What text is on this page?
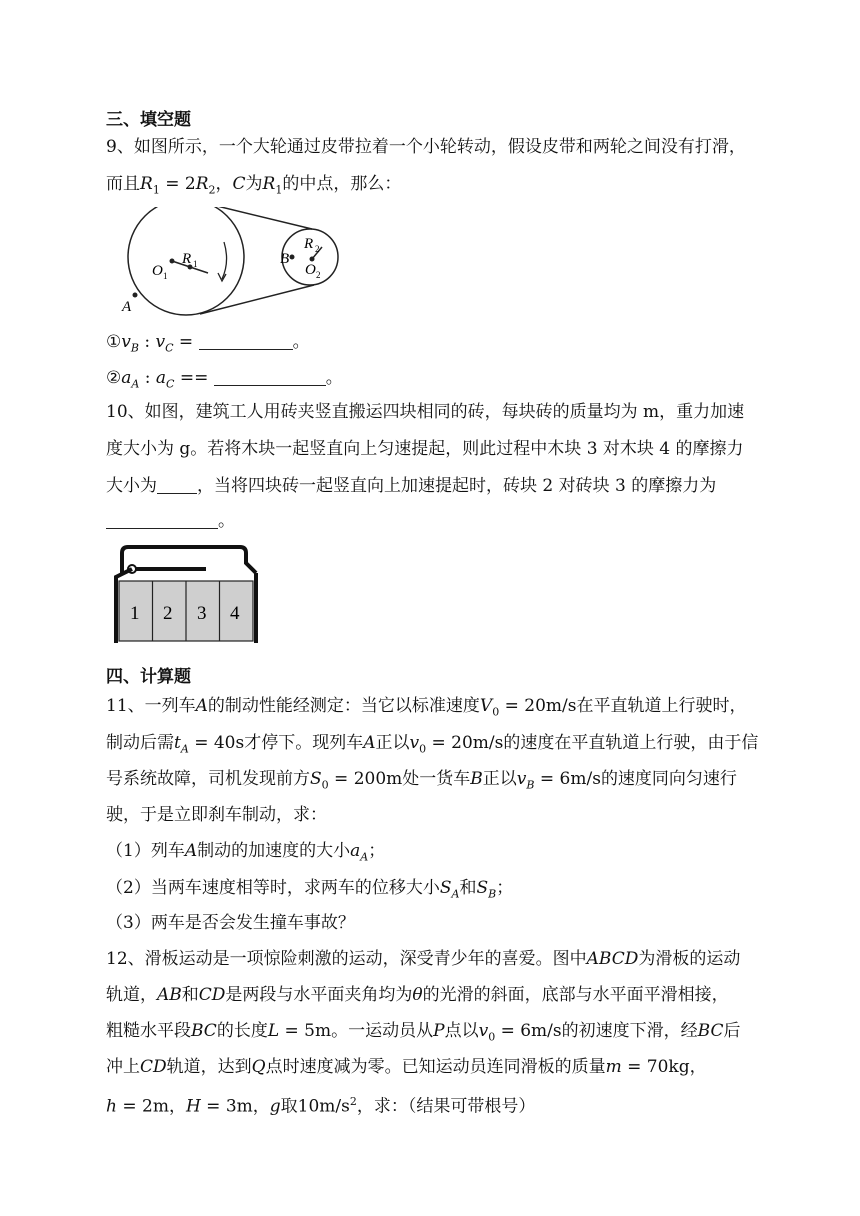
三、填空题
9、如图所示，一个大轮通过皮带拉着一个小轮转动，假设皮带和两轮之间没有打滑，
而且$R_1 = 2R_2$，C为$R_1$的中点，那么：
O 1
R 1
A
B
R 2
O 2
$①v_B$ : $v_C$ =	。
$②a_A$ : $a_C$ ==	。
10、如图，建筑工人用砖夹竖直搬运四块相同的砖，每块砖的质量均为 m，重力加速
度大小为 g。若将木块一起竖直向上匀速提起，则此过程中木块 3 对木块 4 的摩擦力
大小为 ，当将四块砖一起竖直向上加速提起时，砖块 2 对砖块 3 的摩擦力为
。
1 2 3 4
四、计算题
11、一列车A的制动性能经测定：当它以标准速度$V_0 = 20m/s$在平直轨道上行驶时，
制动后需$t_A = 40s$才停下。现列车A正以$v_0 = 20m/s$的速度在平直轨道上行驶，由于信
号系统故障，司机发现前方$S_0 = 200m$处一货车B正以$v_B = 6m/s$的速度同向匀速行
驶，于是立即刹车制动，求：
（1）列车A制动的加速度的大小$a_A$；
（2）当两车速度相等时，求两车的位移大小$S_A$和$S_B$；
（3）两车是否会发生撞车事故？
12、滑板运动是一项惊险刺激的运动，深受青少年的喜爱。图中ABCD为滑板的运动
轨道，AB和CD是两段与水平面夹角均为θ的光滑的斜面，底部与水平面平滑相接，
粗糙水平段BC的长度L = 5m。一运动员从P点以$v_0 = 6m/s$的初速度下滑，经BC后
冲上CD轨道，达到Q点时速度减为零。已知运动员连同滑板的质量m = 70kg，
h = 2m，H = 3m，g取$10m/s^2$，求：（结果可带根号）
